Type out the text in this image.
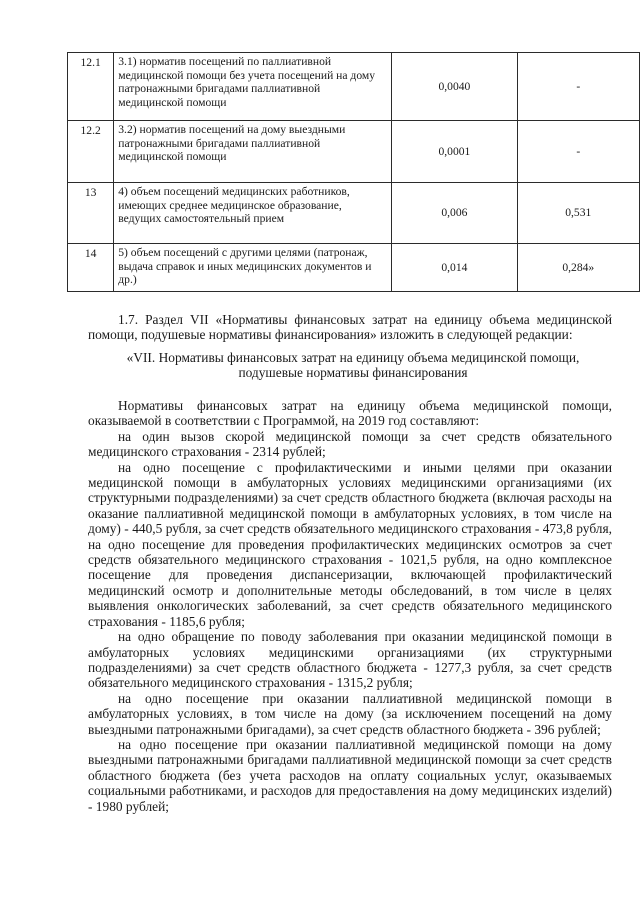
12.1	3.1) норматив посещений по паллиативной медицинской помощи без учета посещений на дому патронажными бригадами паллиативной медицинской помощи	0,0040	-
12.2	3.2) норматив посещений на дому выездными патронажными бригадами паллиативной медицинской помощи	0,0001	-
13	4) объем посещений медицинских работников, имеющих среднее медицинское образование, ведущих самостоятельный прием	0,006	0,531
14	5) объем посещений с другими целями (патронаж, выдача справок и иных медицинских документов и др.)	0,014	0,284»

1.7. Раздел VII «Нормативы финансовых затрат на единицу объема медицинской помощи, подушевые нормативы финансирования» изложить в следующей редакции:

«VII. Нормативы финансовых затрат на единицу объема медицинской помощи, подушевые нормативы финансирования

Нормативы финансовых затрат на единицу объема медицинской помощи, оказываемой в соответствии с Программой, на 2019 год составляют:

на один вызов скорой медицинской помощи за счет средств обязательного медицинского страхования - 2314 рублей;

на одно посещение с профилактическими и иными целями при оказании медицинской помощи в амбулаторных условиях медицинскими организациями (их структурными подразделениями) за счет средств областного бюджета (включая расходы на оказание паллиативной медицинской помощи в амбулаторных условиях, в том числе на дому) - 440,5 рубля, за счет средств обязательного медицинского страхования - 473,8 рубля, на одно посещение для проведения профилактических медицинских осмотров за счет средств обязательного медицинского страхования - 1021,5 рубля, на одно комплексное посещение для проведения диспансеризации, включающей профилактический медицинский осмотр и дополнительные методы обследований, в том числе в целях выявления онкологических заболеваний, за счет средств обязательного медицинского страхования - 1185,6 рубля;

на одно обращение по поводу заболевания при оказании медицинской помощи в амбулаторных условиях медицинскими организациями (их структурными подразделениями) за счет средств областного бюджета - 1277,3 рубля, за счет средств обязательного медицинского страхования - 1315,2 рубля;

на одно посещение при оказании паллиативной медицинской помощи в амбулаторных условиях, в том числе на дому (за исключением посещений на дому выездными патронажными бригадами), за счет средств областного бюджета - 396 рублей;

на одно посещение при оказании паллиативной медицинской помощи на дому выездными патронажными бригадами паллиативной медицинской помощи за счет средств областного бюджета (без учета расходов на оплату социальных услуг, оказываемых социальными работниками, и расходов для предоставления на дому медицинских изделий) - 1980 рублей;
